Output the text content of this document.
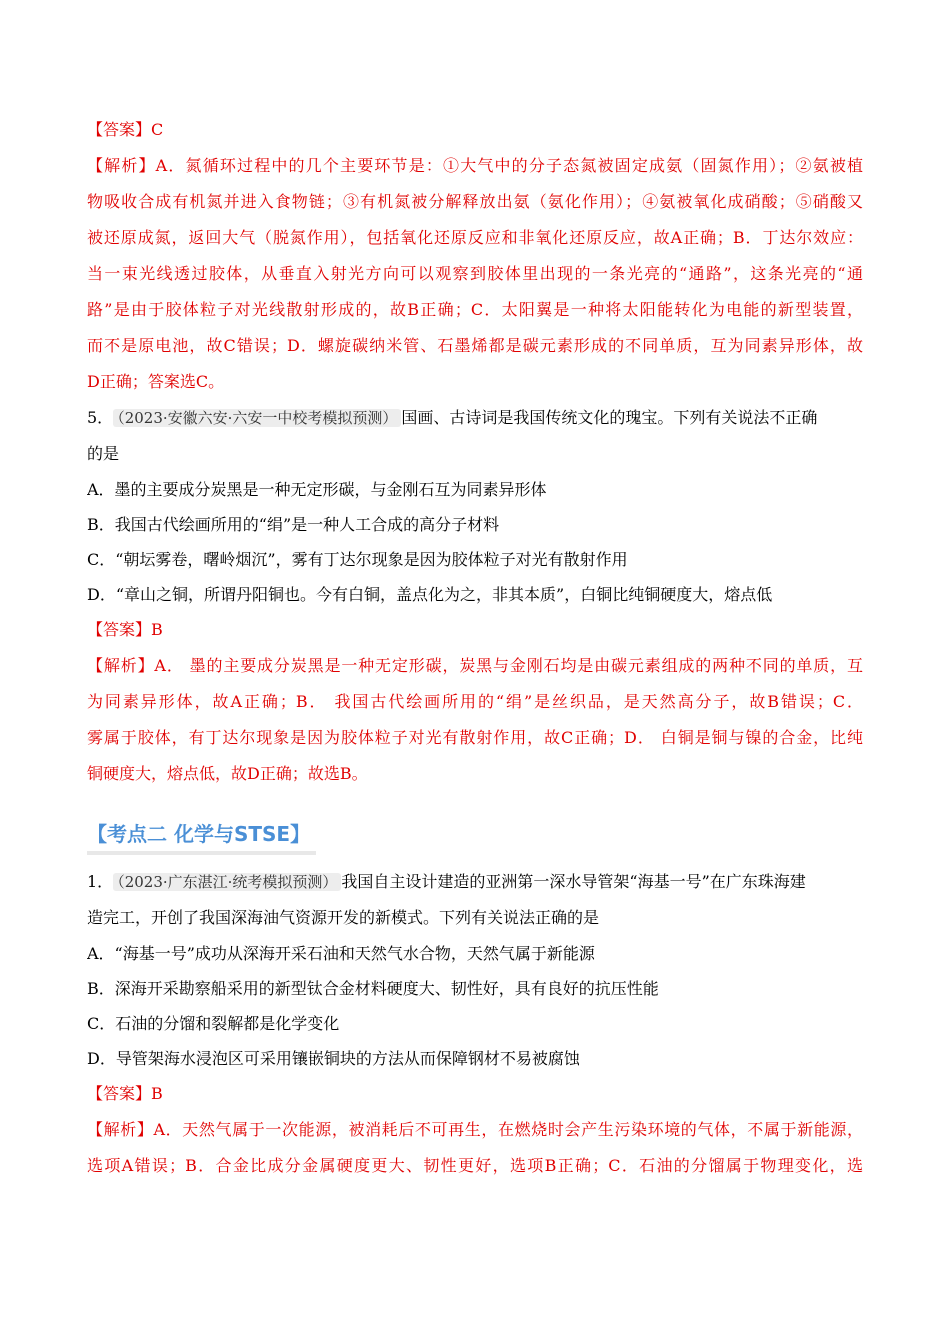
【答案】C
【解析】A．氮循环过程中的几个主要环节是：①大气中的分子态氮被固定成氨（固氮作用）；②氨被植
物吸收合成有机氮并进入食物链；③有机氮被分解释放出氨（氨化作用）；④氨被氧化成硝酸；⑤硝酸又
被还原成氮，返回大气（脱氮作用），包括氧化还原反应和非氧化还原反应，故A正确；B．丁达尔效应：
当一束光线透过胶体，从垂直入射光方向可以观察到胶体里出现的一条光亮的“通路”，这条光亮的“通
路”是由于胶体粒子对光线散射形成的，故B正确；C．太阳翼是一种将太阳能转化为电能的新型装置，
而不是原电池，故C错误；D．螺旋碳纳米管、石墨烯都是碳元素形成的不同单质，互为同素异形体，故
D正确；答案选C。
5． （2023·安徽六安·六安一中校考模拟预测） 国画、古诗词是我国传统文化的瑰宝。下列有关说法不正确
的是
A．墨的主要成分炭黑是一种无定形碳，与金刚石互为同素异形体
B．我国古代绘画所用的“绢”是一种人工合成的高分子材料
C．“朝坛雾卷，曙岭烟沉”，雾有丁达尔现象是因为胶体粒子对光有散射作用
D．“章山之铜，所谓丹阳铜也。今有白铜，盖点化为之，非其本质”，白铜比纯铜硬度大，熔点低
【答案】B
【解析】A． 墨的主要成分炭黑是一种无定形碳，炭黑与金刚石均是由碳元素组成的两种不同的单质，互
为同素异形体，故A正确；B． 我国古代绘画所用的“绢”是丝织品，是天然高分子，故B错误；C．
雾属于胶体，有丁达尔现象是因为胶体粒子对光有散射作用，故C正确；D． 白铜是铜与镍的合金，比纯
铜硬度大，熔点低，故D正确；故选B。
【考点二 化学与STSE】
1． （2023·广东湛江·统考模拟预测） 我国自主设计建造的亚洲第一深水导管架“海基一号”在广东珠海建
造完工，开创了我国深海油气资源开发的新模式。下列有关说法正确的是
A．“海基一号”成功从深海开采石油和天然气水合物，天然气属于新能源
B．深海开采勘察船采用的新型钛合金材料硬度大、韧性好，具有良好的抗压性能
C．石油的分馏和裂解都是化学变化
D．导管架海水浸泡区可采用镶嵌铜块的方法从而保障钢材不易被腐蚀
【答案】B
【解析】A．天然气属于一次能源，被消耗后不可再生，在燃烧时会产生污染环境的气体，不属于新能源，
选项A错误；B．合金比成分金属硬度更大、韧性更好，选项B正确；C．石油的分馏属于物理变化，选
